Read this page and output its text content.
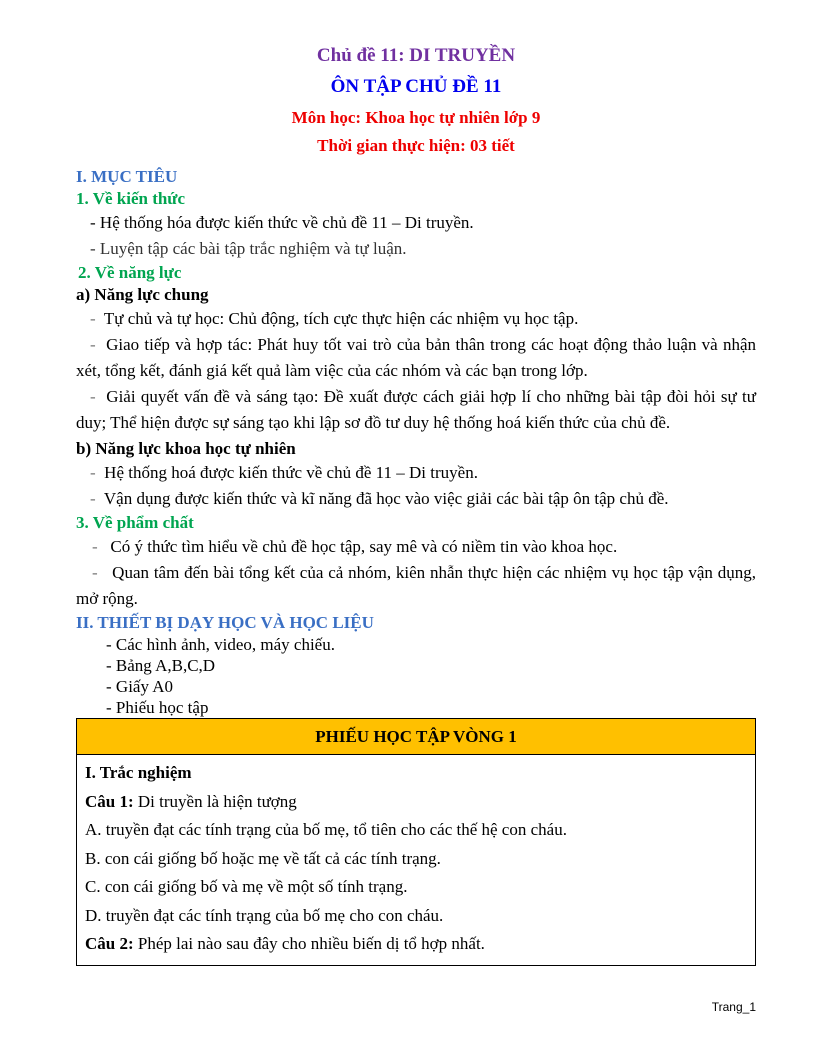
Chủ đề 11: DI TRUYỀN
ÔN TẬP CHỦ ĐỀ 11
Môn học: Khoa học tự nhiên lớp 9
Thời gian thực hiện: 03 tiết
I. MỤC TIÊU
1. Về kiến thức
- Hệ thống hóa được kiến thức về chủ đề 11 – Di truyền.
- Luyện tập các bài tập trắc nghiệm và tự luận.
2. Về năng lực
a) Năng lực chung
- Tự chủ và tự học: Chủ động, tích cực thực hiện các nhiệm vụ học tập.
- Giao tiếp và hợp tác: Phát huy tốt vai trò của bản thân trong các hoạt động thảo luận và nhận xét, tổng kết, đánh giá kết quả làm việc của các nhóm và các bạn trong lớp.
- Giải quyết vấn đề và sáng tạo: Đề xuất được cách giải hợp lí cho những bài tập đòi hỏi sự tư duy; Thể hiện được sự sáng tạo khi lập sơ đồ tư duy hệ thống hoá kiến thức của chủ đề.
b) Năng lực khoa học tự nhiên
- Hệ thống hoá được kiến thức về chủ đề 11 – Di truyền.
- Vận dụng được kiến thức và kĩ năng đã học vào việc giải các bài tập ôn tập chủ đề.
3. Về phẩm chất
- Có ý thức tìm hiểu về chủ đề học tập, say mê và có niềm tin vào khoa học.
- Quan tâm đến bài tổng kết của cả nhóm, kiên nhẫn thực hiện các nhiệm vụ học tập vận dụng, mở rộng.
II. THIẾT BỊ DẠY HỌC VÀ HỌC LIỆU
- Các hình ảnh, video, máy chiếu.
- Bảng A,B,C,D
- Giấy A0
- Phiếu học tập
PHIẾU HỌC TẬP VÒNG 1

I. Trắc nghiệm
Câu 1: Di truyền là hiện tượng
A. truyền đạt các tính trạng của bố mẹ, tổ tiên cho các thế hệ con cháu.
B. con cái giống bố hoặc mẹ về tất cả các tính trạng.
C. con cái giống bố và mẹ về một số tính trạng.
D. truyền đạt các tính trạng của bố mẹ cho con cháu.
Câu 2: Phép lai nào sau đây cho nhiều biến dị tổ hợp nhất.
Trang_1
